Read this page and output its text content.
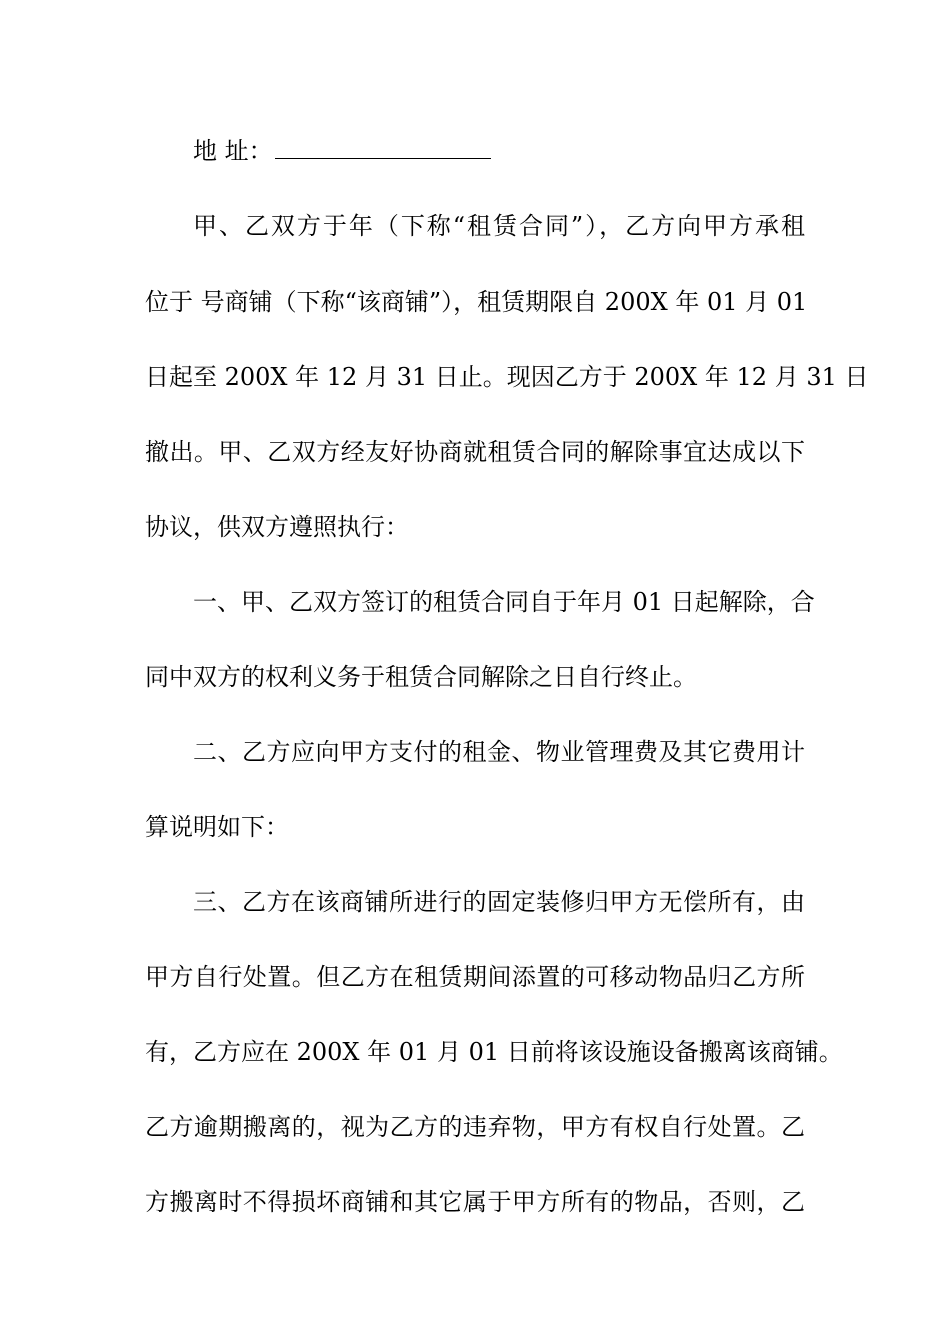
地 址：
甲、乙双方于年（下称“租赁合同”），乙方向甲方承租
位于 号商铺（下称“该商铺”），租赁期限自 200X 年 01 月 01
日起至 200X 年 12 月 31 日止。现因乙方于 200X 年 12 月 31 日
撤出。甲、乙双方经友好协商就租赁合同的解除事宜达成以下
协议，供双方遵照执行：
一、甲、乙双方签订的租赁合同自于年月 01 日起解除，合
同中双方的权利义务于租赁合同解除之日自行终止。
二、乙方应向甲方支付的租金、物业管理费及其它费用计
算说明如下：
三、乙方在该商铺所进行的固定装修归甲方无偿所有，由
甲方自行处置。但乙方在租赁期间添置的可移动物品归乙方所
有，乙方应在 200X 年 01 月 01 日前将该设施设备搬离该商铺。
乙方逾期搬离的，视为乙方的违弃物，甲方有权自行处置。乙
方搬离时不得损坏商铺和其它属于甲方所有的物品，否则，乙
